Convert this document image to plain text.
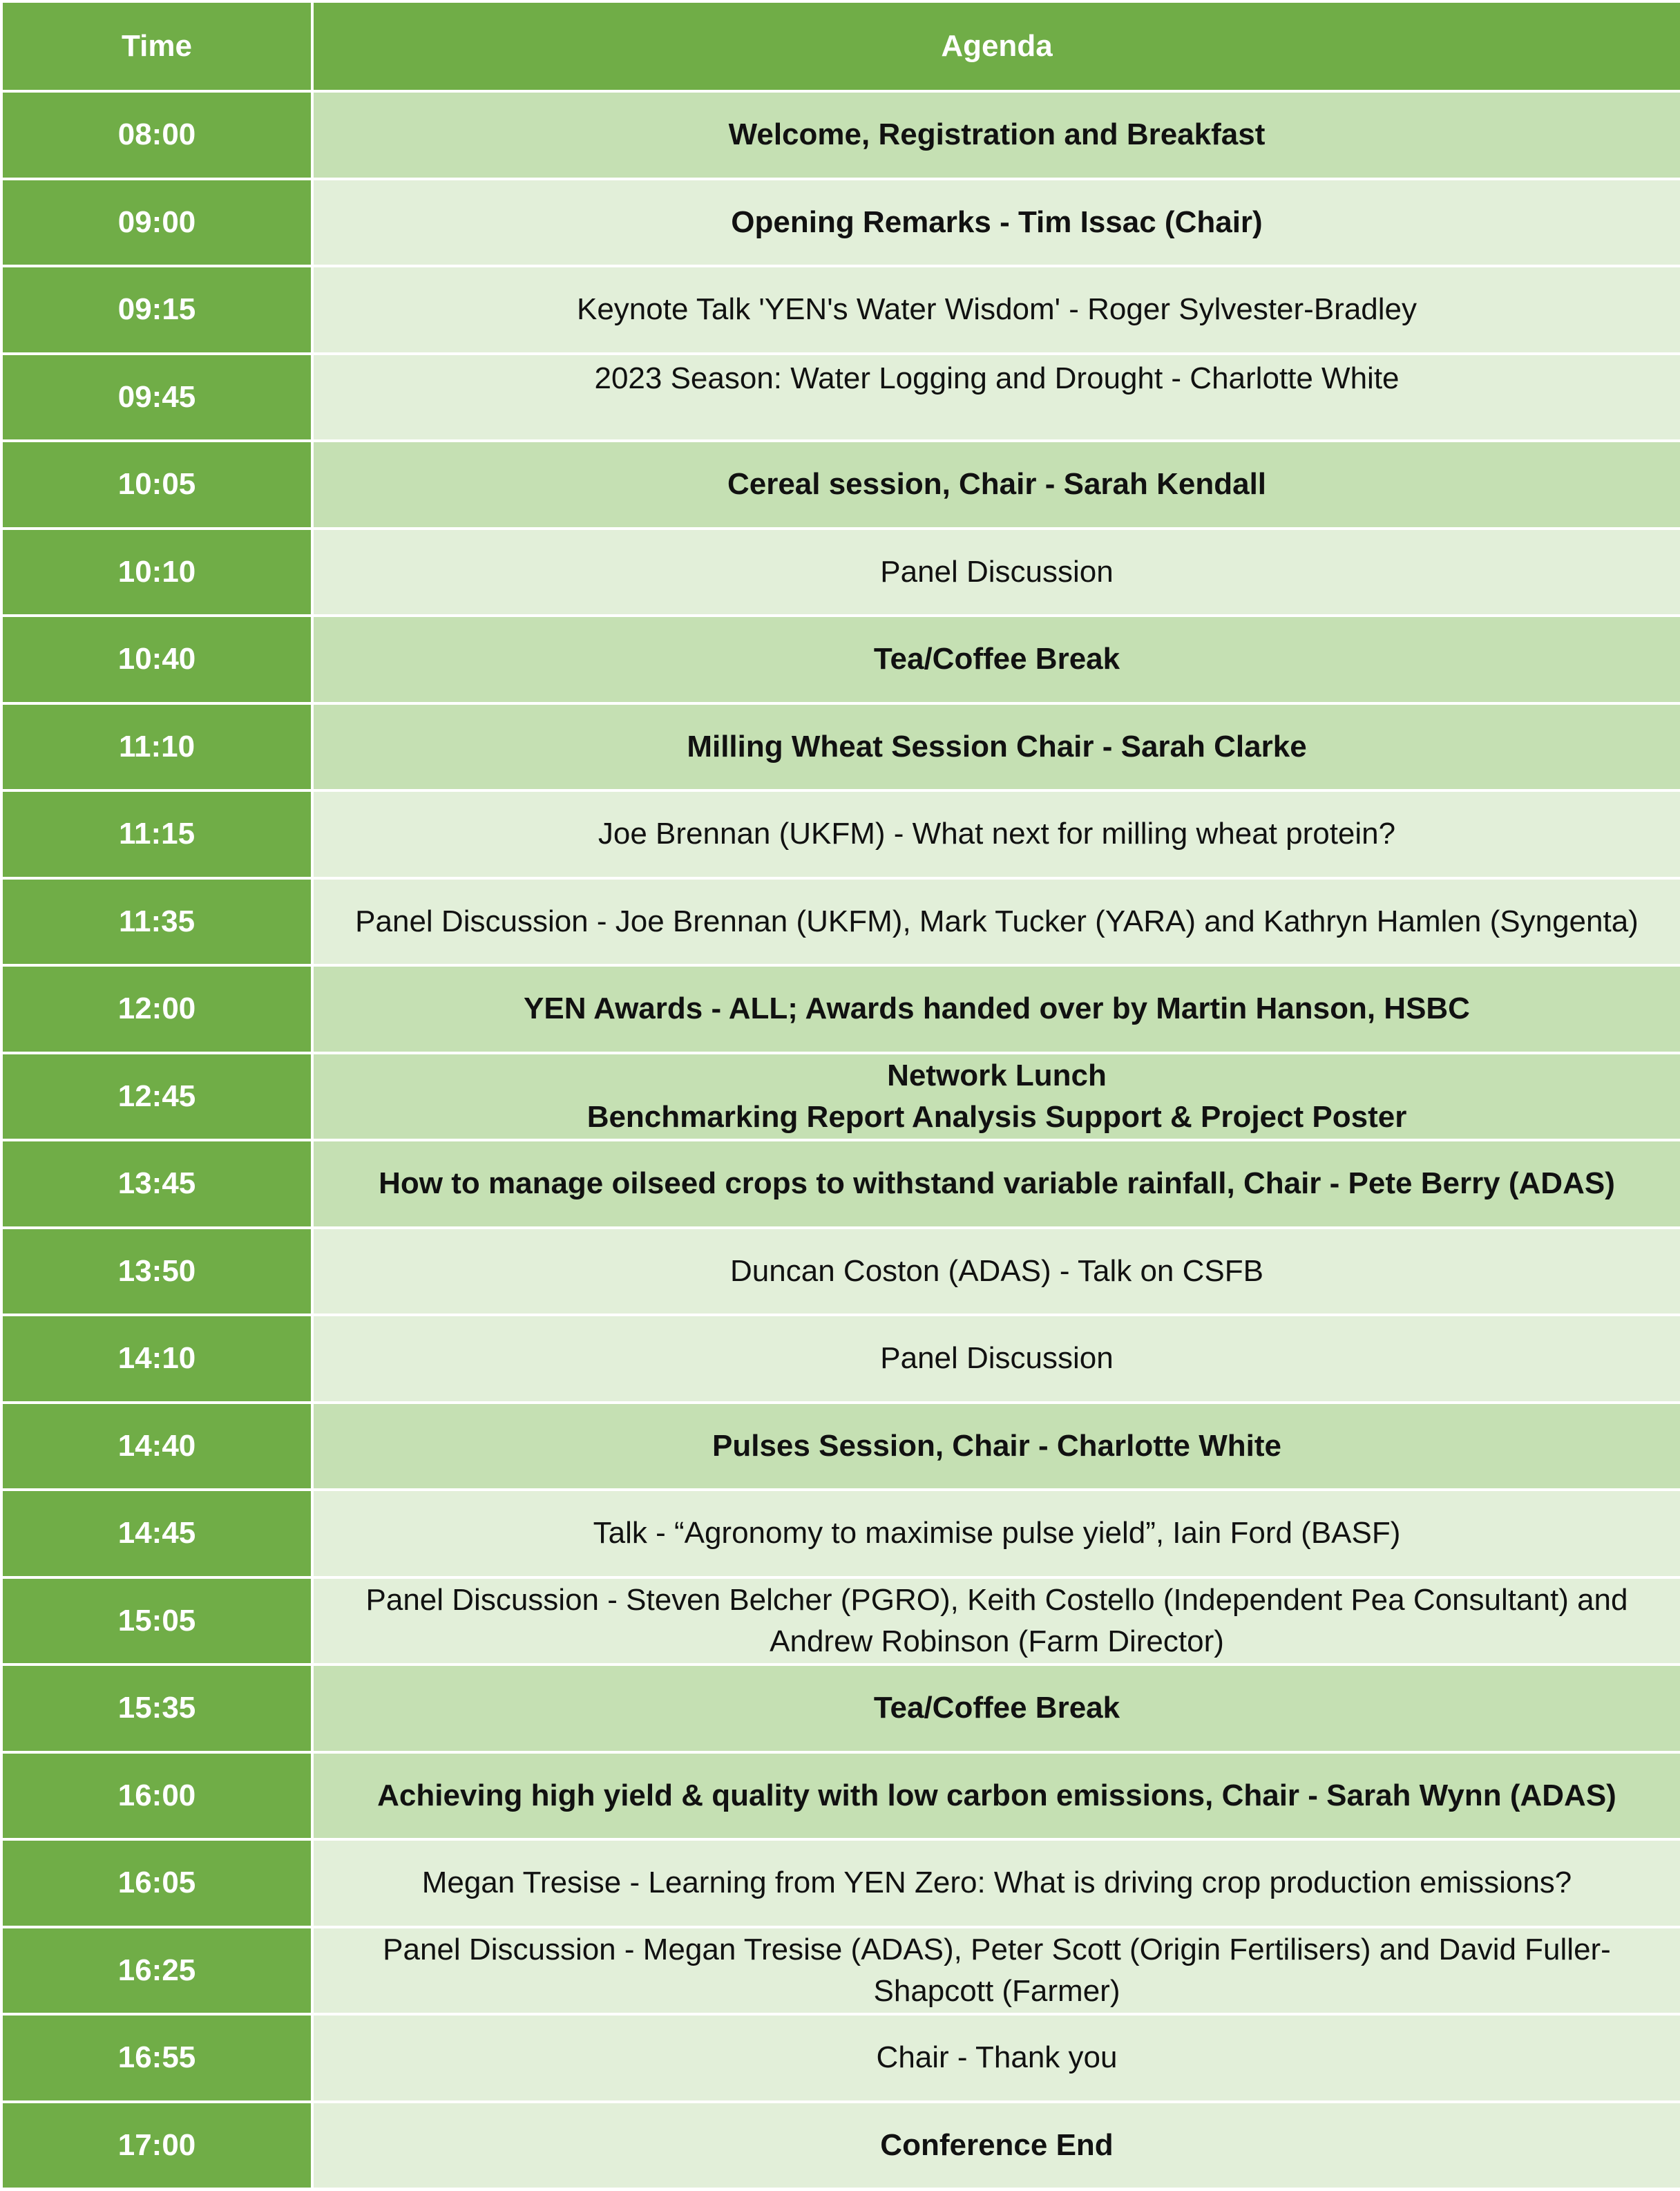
Time	Agenda
08:00	Welcome, Registration and Breakfast

09:00	Opening Remarks - Tim Issac (Chair)

09:15	Keynote Talk 'YEN's Water Wisdom' - Roger Sylvester-Bradley

09:45	2023 Season: Water Logging and Drought - Charlotte White

10:05	Cereal session, Chair - Sarah Kendall

10:10	Panel Discussion

10:40	Tea/Coffee Break

11:10	Milling Wheat Session Chair - Sarah Clarke

11:15	Joe Brennan (UKFM) - What next for milling wheat protein?

11:35	Panel Discussion - Joe Brennan (UKFM), Mark Tucker (YARA) and Kathryn Hamlen (Syngenta)

12:00	YEN Awards - ALL; Awards handed over by Martin Hanson, HSBC

12:45	Network Lunch
Benchmarking Report Analysis Support & Project Poster

13:45	How to manage oilseed crops to withstand variable rainfall, Chair - Pete Berry (ADAS)

13:50	Duncan Coston (ADAS) - Talk on CSFB

14:10	Panel Discussion

14:40	Pulses Session, Chair - Charlotte White

14:45	Talk - “Agronomy to maximise pulse yield”, Iain Ford (BASF)

15:05	Panel Discussion - Steven Belcher (PGRO), Keith Costello (Independent Pea Consultant) and
Andrew Robinson (Farm Director)

15:35	Tea/Coffee Break

16:00	Achieving high yield & quality with low carbon emissions, Chair - Sarah Wynn (ADAS)

16:05	Megan Tresise - Learning from YEN Zero: What is driving crop production emissions?

16:25	Panel Discussion - Megan Tresise (ADAS), Peter Scott (Origin Fertilisers) and David Fuller-
Shapcott (Farmer)

16:55	Chair - Thank you

17:00	Conference End
